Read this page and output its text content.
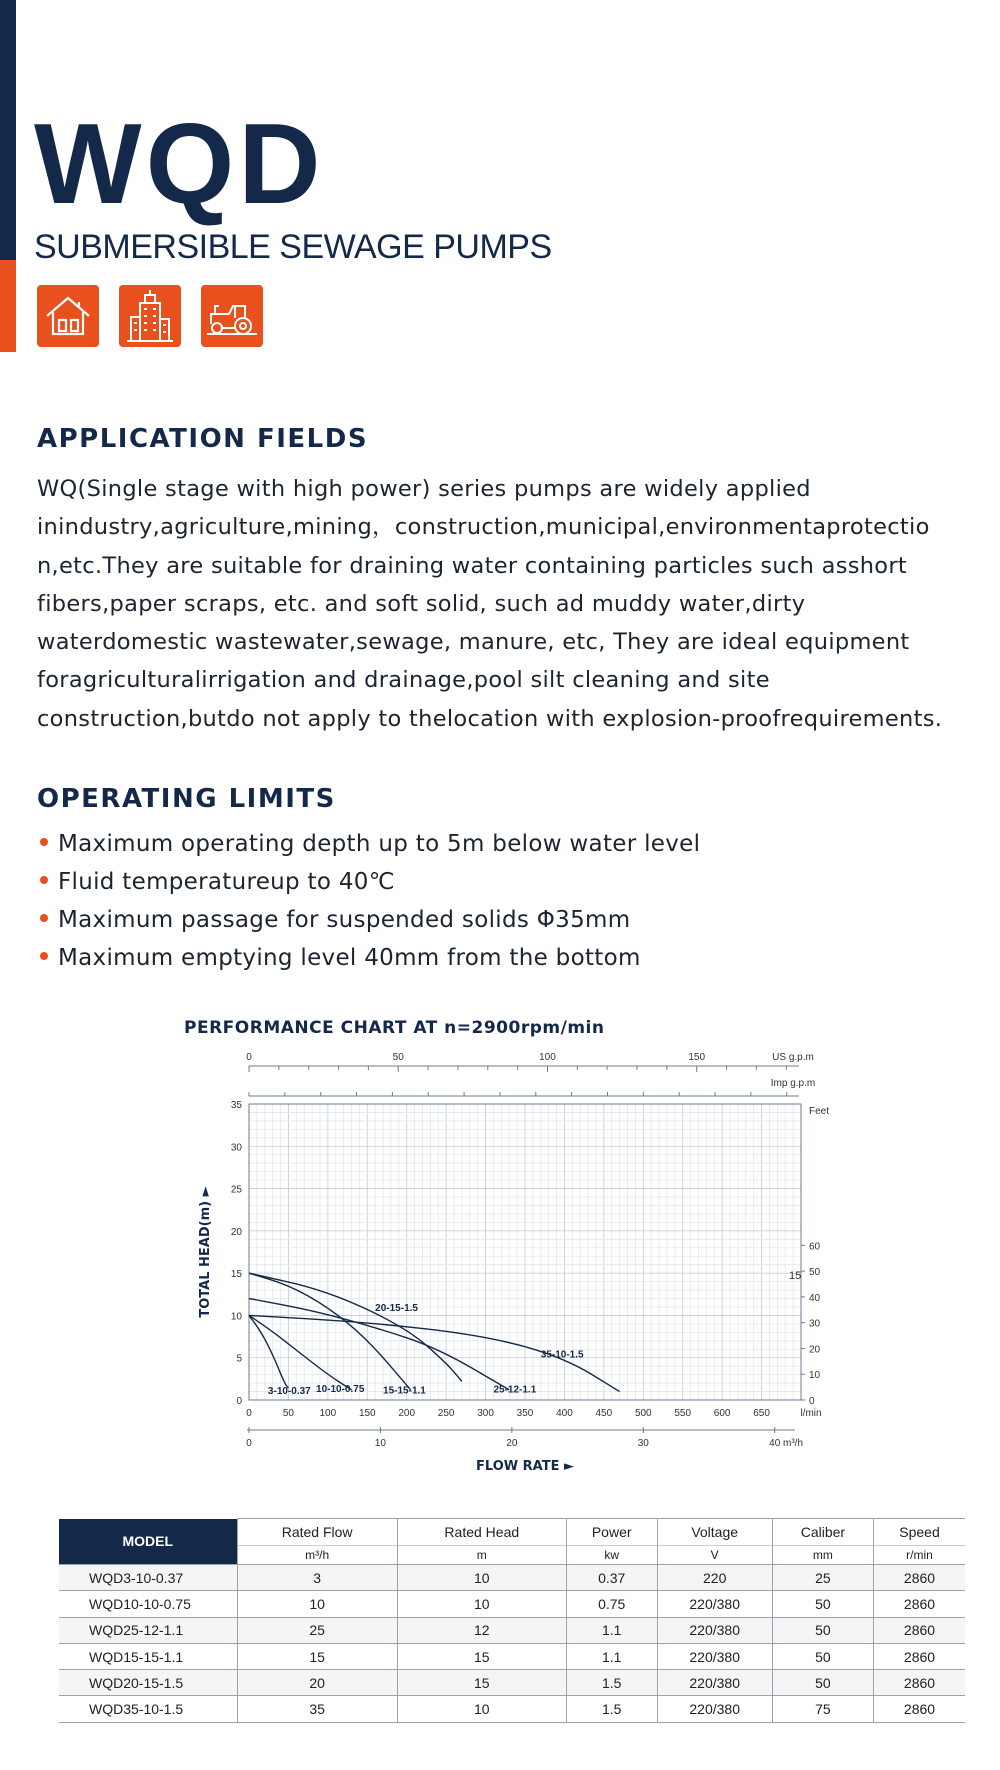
WQD
SUBMERSIBLE SEWAGE PUMPS
APPLICATION FIELDS
WQ(Single stage with high power) series pumps are widely applied
inindustry,agriculture,mining，construction,municipal,environmentaprotectio
n,etc.They are suitable for draining water containing particles such asshort
fibers,paper scraps, etc. and soft solid, such ad muddy water,dirty
waterdomestic wastewater,sewage, manure, etc, They are ideal equipment
foragriculturalirrigation and drainage,pool silt cleaning and site
construction,butdo not apply to thelocation with explosion-proofrequirements.
OPERATING LIMITS
Maximum operating depth up to 5m below water level
Fluid temperatureup to 40℃
Maximum passage for suspended solids Φ35mm
Maximum emptying level 40mm from the bottom
PERFORMANCE CHART AT n=2900rpm/min
0
5
10
15
20
25
30
35
0	50	100 150 200 250 300 350 400 450 500 550 600 650	l/min
0	10	20	30	40 m³/h
0	50	100	150	US g.p.m
Imp g.p.m
0
10
20
30
40
50
60
Feet
15
TOTAL HEAD(m) ►
FLOW RATE ►
3-10-0.37 10-10-0.75 15-15-1.1	25-12-1.1
20-15-1.5
35-10-1.5
MODEL	Rated Flow	Rated Head	Power	Voltage	Caliber	Speed
	m³/h	m	kw	V	mm	r/min
WQD3-10-0.37	3	10	0.37	220	25	2860
WQD10-10-0.75	10	10	0.75	220/380	50	2860
WQD25-12-1.1	25	12	1.1	220/380	50	2860
WQD15-15-1.1	15	15	1.1	220/380	50	2860
WQD20-15-1.5	20	15	1.5	220/380	50	2860
WQD35-10-1.5	35	10	1.5	220/380	75	2860
